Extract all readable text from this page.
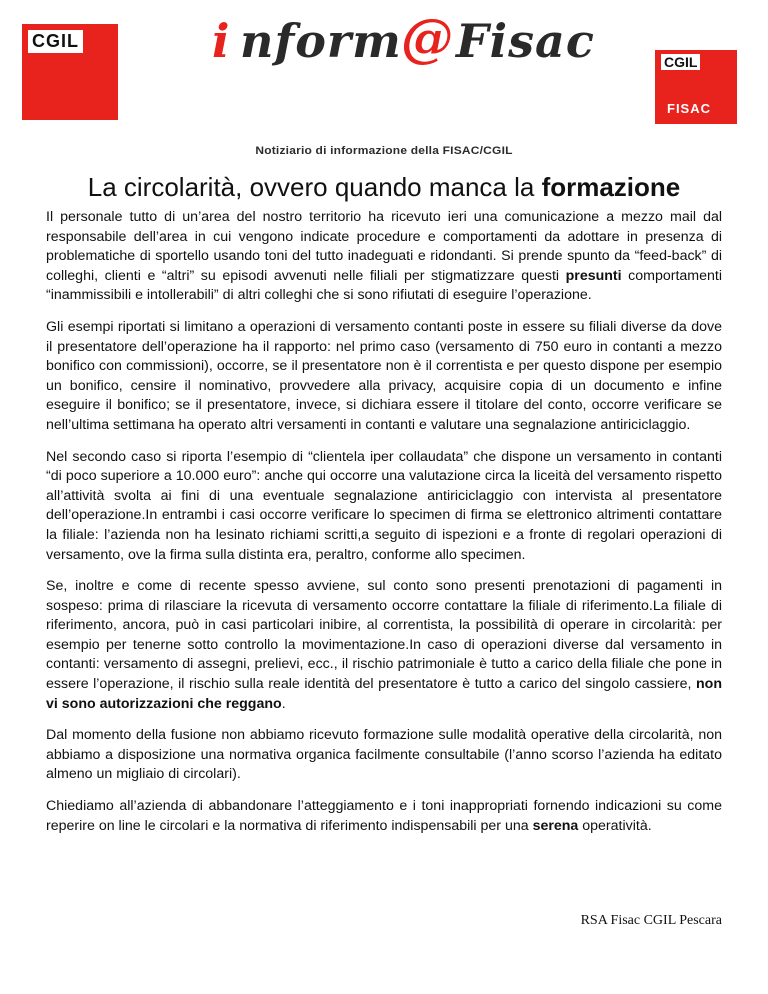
CGIL	i nform @ Fisac	CGIL
FISAC
Notiziario di informazione della FISAC/CGIL
La circolarità, ovvero quando manca la formazione

Il personale tutto di un’area del nostro territorio ha ricevuto ieri una comunicazione a mezzo mail dal responsabile dell’area in cui vengono indicate procedure e comportamenti da adottare in presenza di problematiche di sportello usando toni del tutto inadeguati e ridondanti. Si prende spunto da “feed-back” di colleghi, clienti e “altri” su episodi avvenuti nelle filiali per stigmatizzare questi presunti comportamenti “inammissibili e intollerabili” di altri colleghi che si sono rifiutati di eseguire l’operazione.

Gli esempi riportati si limitano a operazioni di versamento contanti poste in essere su filiali diverse da dove il presentatore dell’operazione ha il rapporto: nel primo caso (versamento di 750 euro in contanti a mezzo bonifico con commissioni), occorre, se il presentatore non è il correntista e per questo dispone per esempio un bonifico, censire il nominativo, provvedere alla privacy, acquisire copia di un documento e infine eseguire il bonifico; se il presentatore, invece, si dichiara essere il titolare del conto, occorre verificare se nell’ultima settimana ha operato altri versamenti in contanti e valutare una segnalazione antiriciclaggio.

Nel secondo caso si riporta l’esempio di “clientela iper collaudata” che dispone un versamento in contanti “di poco superiore a 10.000 euro”: anche qui occorre una valutazione circa la liceità del versamento rispetto all’attività svolta ai fini di una eventuale segnalazione antiriciclaggio con intervista al presentatore dell’operazione.In entrambi i casi occorre verificare lo specimen di firma se elettronico altrimenti contattare la filiale: l’azienda non ha lesinato richiami scritti,a seguito di ispezioni e a fronte di regolari operazioni di versamento, ove la firma sulla distinta era, peraltro, conforme allo specimen.

Se, inoltre e come di recente spesso avviene, sul conto sono presenti prenotazioni di pagamenti in sospeso: prima di rilasciare la ricevuta di versamento occorre contattare la filiale di riferimento.La filiale di riferimento, ancora, può in casi particolari inibire, al correntista, la possibilità di operare in circolarità: per esempio per tenerne sotto controllo la movimentazione.In caso di operazioni diverse dal versamento in contanti: versamento di assegni, prelievi, ecc., il rischio patrimoniale è tutto a carico della filiale che pone in essere l’operazione, il rischio sulla reale identità del presentatore è tutto a carico del singolo cassiere, non vi sono autorizzazioni che reggano.

Dal momento della fusione non abbiamo ricevuto formazione sulle modalità operative della circolarità, non abbiamo a disposizione una normativa organica facilmente consultabile (l’anno scorso l’azienda ha editato almeno un migliaio di circolari).

Chiediamo all’azienda di abbandonare l’atteggiamento e i toni inappropriati fornendo indicazioni su come reperire on line le circolari e la normativa di riferimento indispensabili per una serena operatività.

RSA Fisac CGIL Pescara
